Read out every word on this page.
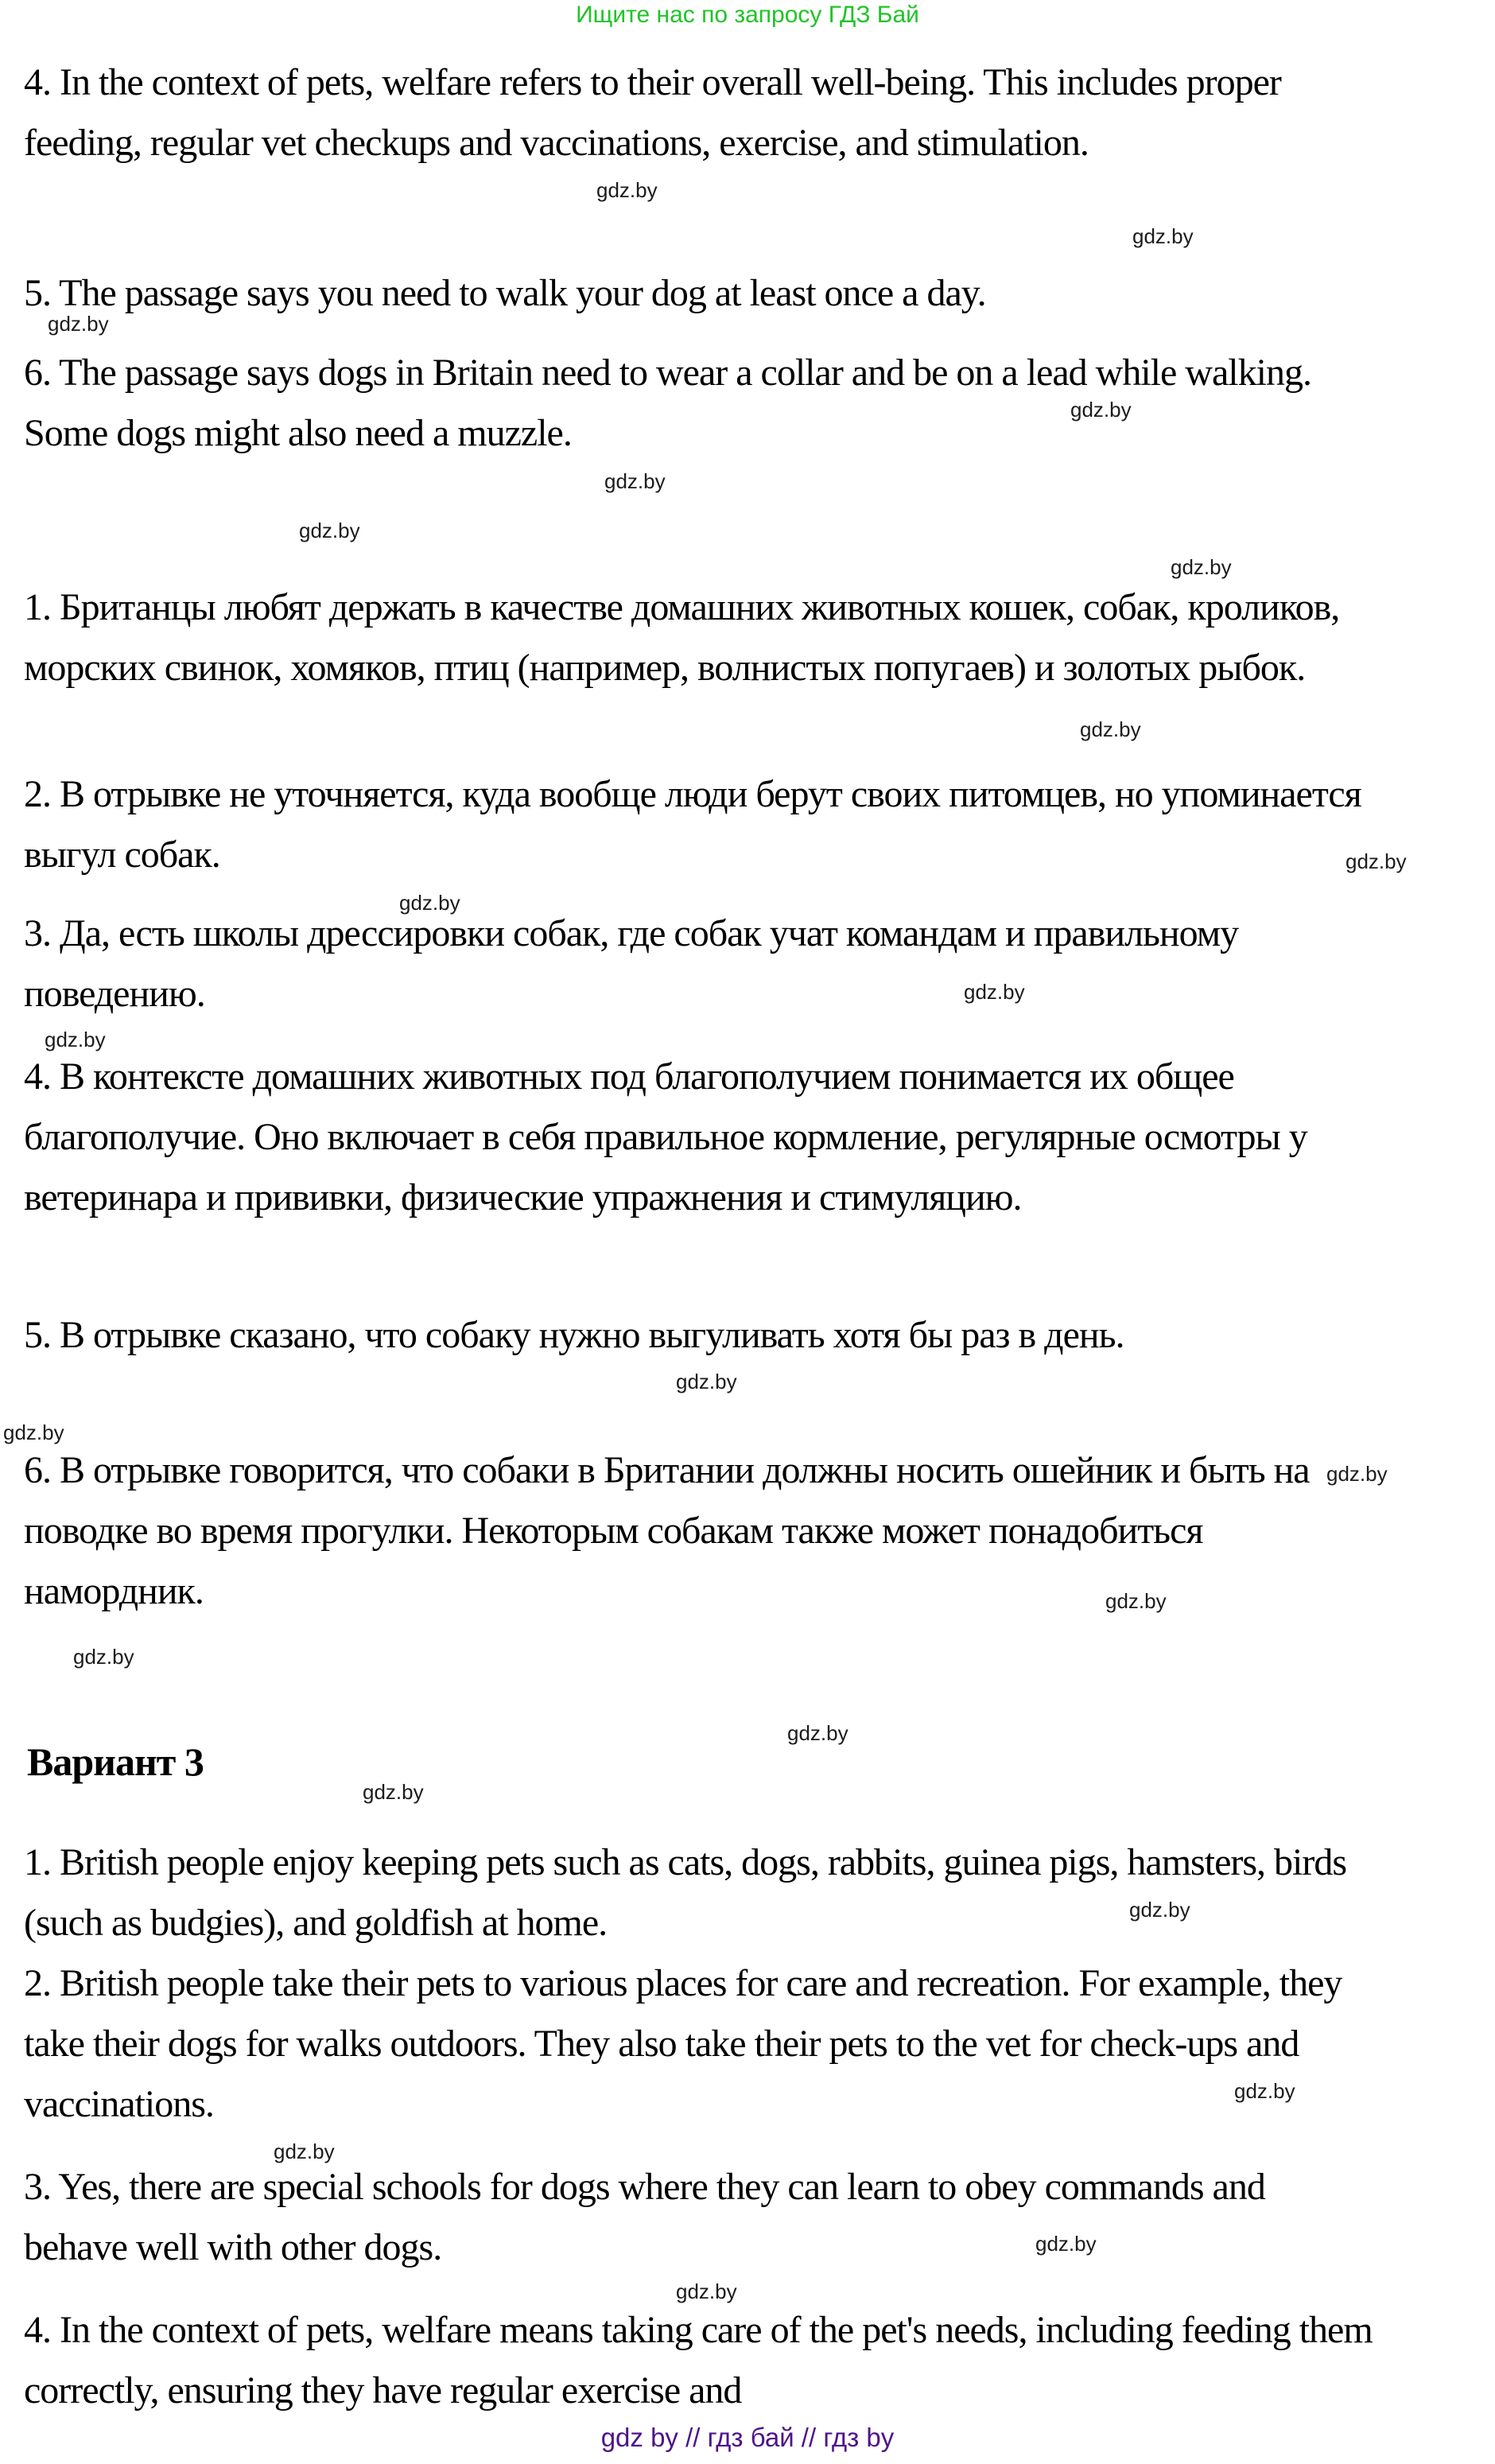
Ищите нас по запросу ГДЗ Бай

4. In the context of pets, welfare refers to their overall well-being. This includes proper feeding, regular vet checkups and vaccinations, exercise, and stimulation.

5. The passage says you need to walk your dog at least once a day.

6. The passage says dogs in Britain need to wear a collar and be on a lead while walking. Some dogs might also need a muzzle.

1. Британцы любят держать в качестве домашних животных кошек, собак, кроликов, морских свинок, хомяков, птиц (например, волнистых попугаев) и золотых рыбок.

2. В отрывке не уточняется, куда вообще люди берут своих питомцев, но упоминается выгул собак.

3. Да, есть школы дрессировки собак, где собак учат командам и правильному поведению.

4. В контексте домашних животных под благополучием понимается их общее благополучие. Оно включает в себя правильное кормление, регулярные осмотры у ветеринара и прививки, физические упражнения и стимуляцию.

5. В отрывке сказано, что собаку нужно выгуливать хотя бы раз в день.

6. В отрывке говорится, что собаки в Британии должны носить ошейник и быть на поводке во время прогулки. Некоторым собакам также может понадобиться намордник.

Вариант 3

1. British people enjoy keeping pets such as cats, dogs, rabbits, guinea pigs, hamsters, birds (such as budgies), and goldfish at home.

2. British people take their pets to various places for care and recreation. For example, they take their dogs for walks outdoors. They also take their pets to the vet for check-ups and vaccinations.

3. Yes, there are special schools for dogs where they can learn to obey commands and behave well with other dogs.

4. In the context of pets, welfare means taking care of the pet's needs, including feeding them correctly, ensuring they have regular exercise and

gdz.by
gdz.by
gdz.by
gdz.by
gdz.by
gdz.by
gdz.by
gdz.by
gdz.by
gdz.by
gdz.by
gdz.by
gdz.by
gdz.by
gdz.by
gdz.by
gdz.by
gdz.by
gdz.by
gdz.by
gdz.by
gdz.by
gdz.by
gdz.by
gdz by // гдз бай // гдз by
